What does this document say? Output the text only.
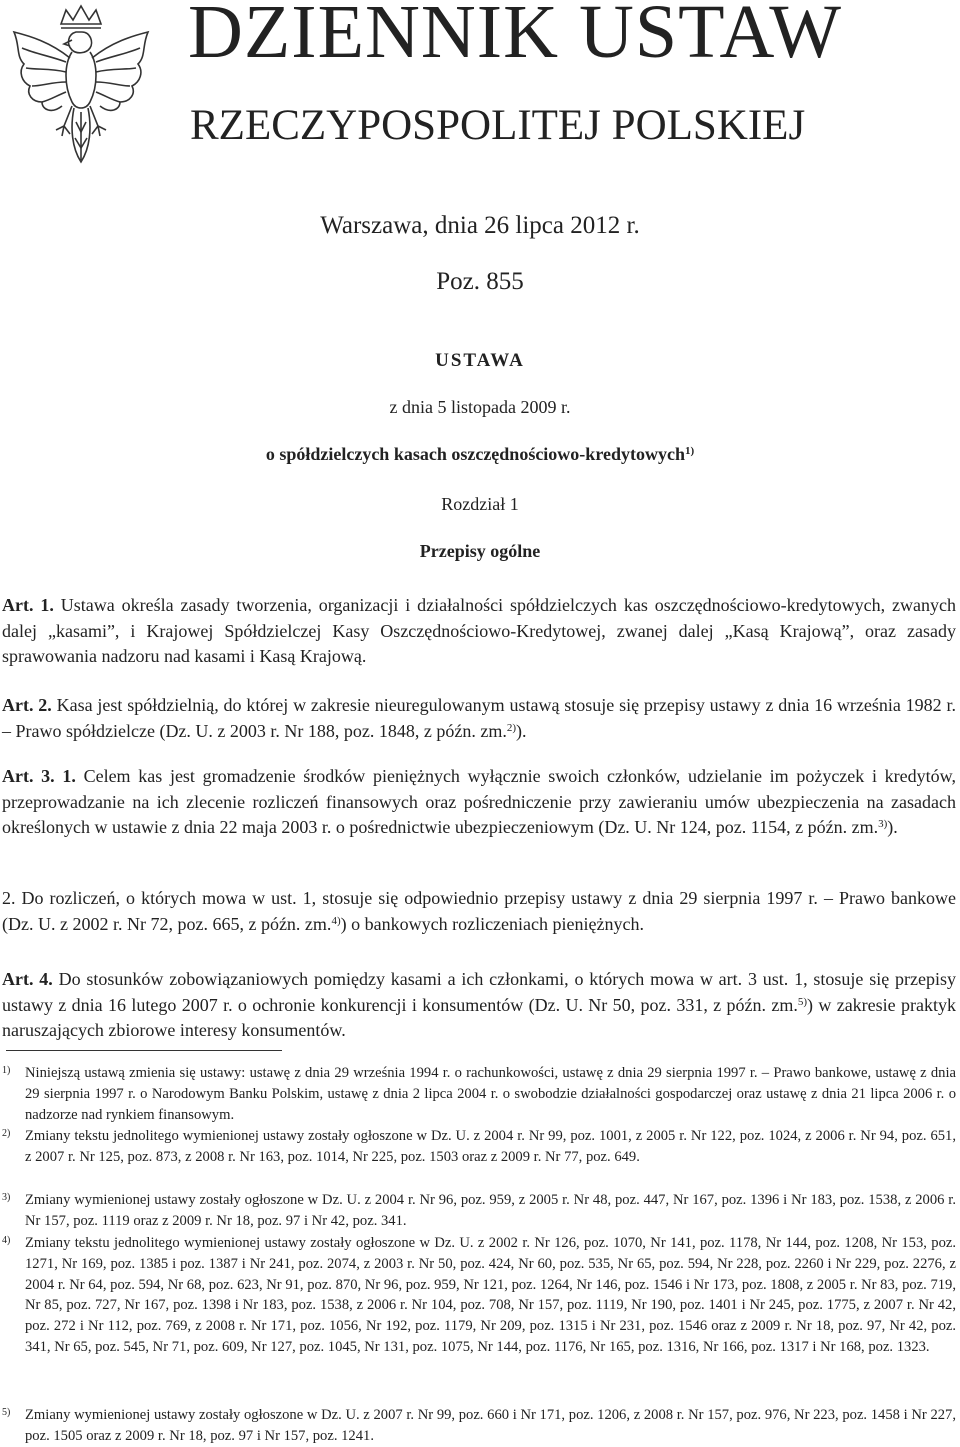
DZIENNIK USTAW
RZECZYPOSPOLITEJ POLSKIEJ
Warszawa, dnia 26 lipca 2012 r.
Poz. 855
USTAWA
z dnia 5 listopada 2009 r.
o spółdzielczych kasach oszczędnościowo-kredytowych$^{1)}$
Rozdział 1
Przepisy ogólne

Art. 1. Ustawa określa zasady tworzenia, organizacji i działalności spółdzielczych kas oszczędnościowo-kredytowych, zwanych dalej „kasami”, i Krajowej Spółdzielczej Kasy Oszczędnościowo-Kredytowej, zwanej dalej „Kasą Krajową”, oraz zasady sprawowania nadzoru nad kasami i Kasą Krajową.

Art. 2. Kasa jest spółdzielnią, do której w zakresie nieuregulowanym ustawą stosuje się przepisy ustawy z dnia 16 września 1982 r. – Prawo spółdzielcze (Dz. U. z 2003 r. Nr 188, poz. 1848, z późn. zm.$^{2)}$).

Art. 3. 1. Celem kas jest gromadzenie środków pieniężnych wyłącznie swoich członków, udzielanie im pożyczek i kredytów, przeprowadzanie na ich zlecenie rozliczeń finansowych oraz pośredniczenie przy zawieraniu umów ubezpieczenia na zasadach określonych w ustawie z dnia 22 maja 2003 r. o pośrednictwie ubezpieczeniowym (Dz. U. Nr 124, poz. 1154, z późn. zm.$^{3)}$).

2. Do rozliczeń, o których mowa w ust. 1, stosuje się odpowiednio przepisy ustawy z dnia 29 sierpnia 1997 r. – Prawo bankowe (Dz. U. z 2002 r. Nr 72, poz. 665, z późn. zm.$^{4)}$) o bankowych rozliczeniach pieniężnych.

Art. 4. Do stosunków zobowiązaniowych pomiędzy kasami a ich członkami, o których mowa w art. 3 ust. 1, stosuje się przepisy ustawy z dnia 16 lutego 2007 r. o ochronie konkurencji i konsumentów (Dz. U. Nr 50, poz. 331, z późn. zm.$^{5)}$) w zakresie praktyk naruszających zbiorowe interesy konsumentów.

1) Niniejszą ustawą zmienia się ustawy: ustawę z dnia 29 września 1994 r. o rachunkowości, ustawę z dnia 29 sierpnia 1997 r. – Prawo bankowe, ustawę z dnia 29 sierpnia 1997 r. o Narodowym Banku Polskim, ustawę z dnia 2 lipca 2004 r. o swobodzie działalności gospodarczej oraz ustawę z dnia 21 lipca 2006 r. o nadzorze nad rynkiem finansowym.

2) Zmiany tekstu jednolitego wymienionej ustawy zostały ogłoszone w Dz. U. z 2004 r. Nr 99, poz. 1001, z 2005 r. Nr 122, poz. 1024, z 2006 r. Nr 94, poz. 651, z 2007 r. Nr 125, poz. 873, z 2008 r. Nr 163, poz. 1014, Nr 225, poz. 1503 oraz z 2009 r. Nr 77, poz. 649.

3) Zmiany wymienionej ustawy zostały ogłoszone w Dz. U. z 2004 r. Nr 96, poz. 959, z 2005 r. Nr 48, poz. 447, Nr 167, poz. 1396 i Nr 183, poz. 1538, z 2006 r. Nr 157, poz. 1119 oraz z 2009 r. Nr 18, poz. 97 i Nr 42, poz. 341.

4) Zmiany tekstu jednolitego wymienionej ustawy zostały ogłoszone w Dz. U. z 2002 r. Nr 126, poz. 1070, Nr 141, poz. 1178, Nr 144, poz. 1208, Nr 153, poz. 1271, Nr 169, poz. 1385 i poz. 1387 i Nr 241, poz. 2074, z 2003 r. Nr 50, poz. 424, Nr 60, poz. 535, Nr 65, poz. 594, Nr 228, poz. 2260 i Nr 229, poz. 2276, z 2004 r. Nr 64, poz. 594, Nr 68, poz. 623, Nr 91, poz. 870, Nr 96, poz. 959, Nr 121, poz. 1264, Nr 146, poz. 1546 i Nr 173, poz. 1808, z 2005 r. Nr 83, poz. 719, Nr 85, poz. 727, Nr 167, poz. 1398 i Nr 183, poz. 1538, z 2006 r. Nr 104, poz. 708, Nr 157, poz. 1119, Nr 190, poz. 1401 i Nr 245, poz. 1775, z 2007 r. Nr 42, poz. 272 i Nr 112, poz. 769, z 2008 r. Nr 171, poz. 1056, Nr 192, poz. 1179, Nr 209, poz. 1315 i Nr 231, poz. 1546 oraz z 2009 r. Nr 18, poz. 97, Nr 42, poz. 341, Nr 65, poz. 545, Nr 71, poz. 609, Nr 127, poz. 1045, Nr 131, poz. 1075, Nr 144, poz. 1176, Nr 165, poz. 1316, Nr 166, poz. 1317 i Nr 168, poz. 1323.

5) Zmiany wymienionej ustawy zostały ogłoszone w Dz. U. z 2007 r. Nr 99, poz. 660 i Nr 171, poz. 1206, z 2008 r. Nr 157, poz. 976, Nr 223, poz. 1458 i Nr 227, poz. 1505 oraz z 2009 r. Nr 18, poz. 97 i Nr 157, poz. 1241.
